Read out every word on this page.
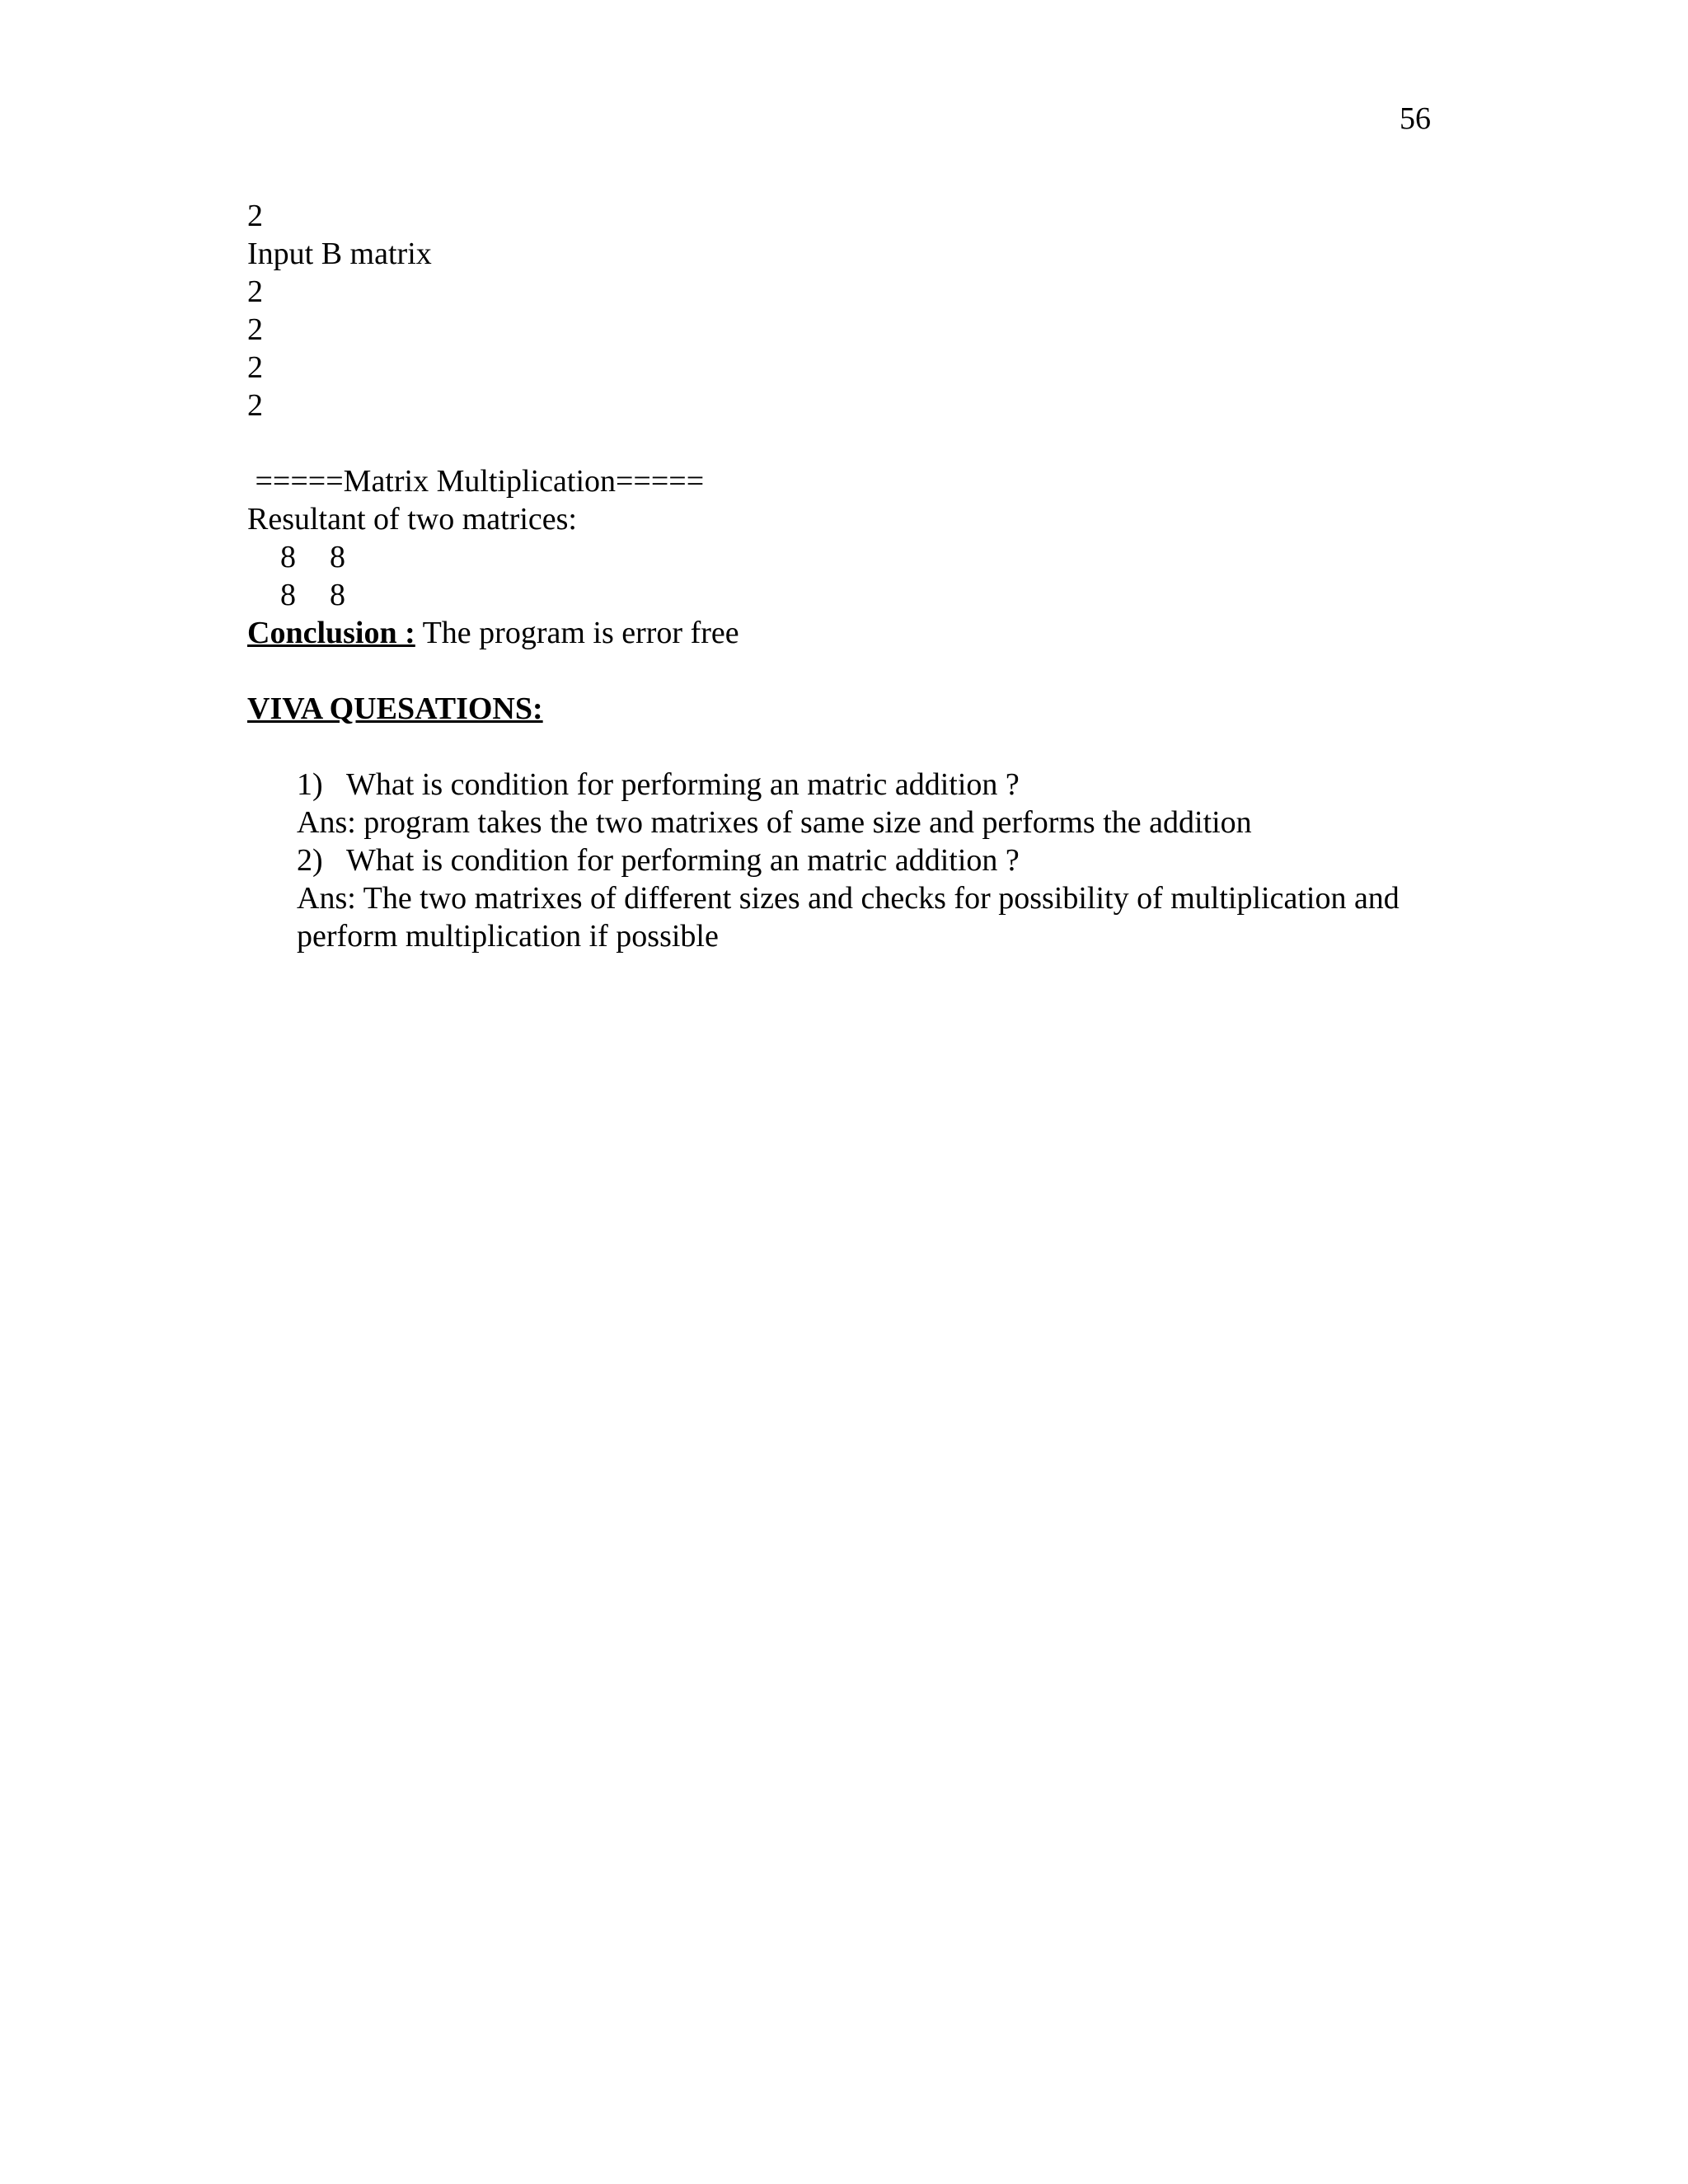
56
2
Input B matrix
2
2
2
2
=====Matrix Multiplication=====
Resultant of two matrices:
8 8
8 8
Conclusion : The program is error free
VIVA QUESATIONS:
1) What is condition for performing an matric addition ?
Ans: program takes the two matrixes of same size and performs the addition
2) What is condition for performing an matric addition ?
Ans: The two matrixes of different sizes and checks for possibility of multiplication and perform multiplication if possible
